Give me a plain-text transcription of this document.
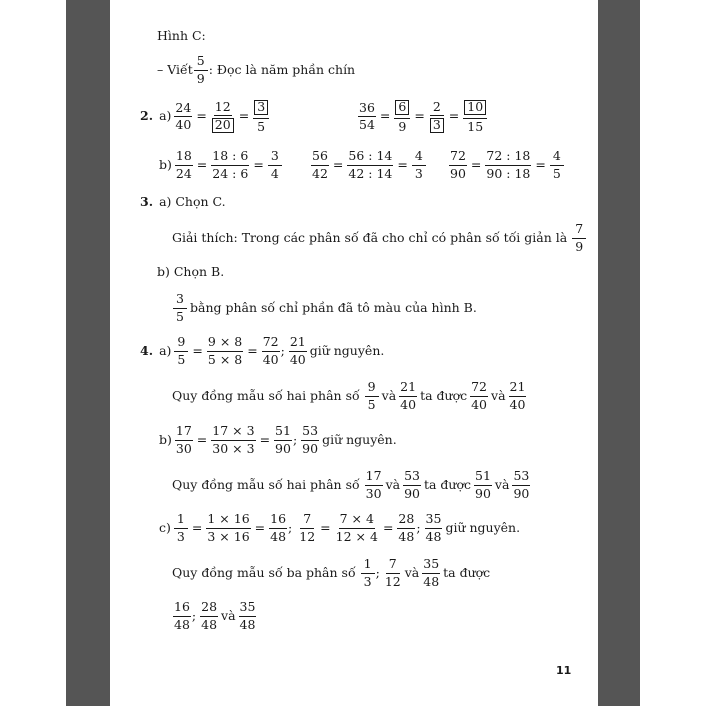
Hình C:
– Viết $\frac{5}{9}$ : Đọc là năm phần chín
2. $a) \frac{24}{40} = \frac{12}{20} = \frac{3}{5}$	$\frac{36}{54} = \frac{6}{9} = \frac{2}{3} = \frac{10}{15}$
$b) \frac{18}{24} = \frac{18 : 6}{24 : 6} = \frac{3}{4} \frac{56}{42} = \frac{56 : 14}{42 : 14} = \frac{4}{3} \frac{72}{90} = \frac{72 : 18}{90 : 18} = \frac{4}{5}$
3. a) Chọn C.
Giải thích: Trong các phân số đã cho chỉ có phân số tối giản là $\frac{7}{9}$
b) Chọn B.
$\frac{3}{5}$ bằng phân số chỉ phần đã tô màu của hình B.
4. $a) \frac{9}{5} = \frac{9 \times 8}{5 \times 8} = \frac{72}{40}$ ; $\frac{21}{40}$ giữ nguyên.
Quy đồng mẫu số hai phân số $\frac{9}{5}$ và $\frac{21}{40}$ ta được $\frac{72}{40}$ và $\frac{21}{40}$
$b) \frac{17}{30} = \frac{17 \times 3}{30 \times 3} = \frac{51}{90}$ ; $\frac{53}{90}$ giữ nguyên.
Quy đồng mẫu số hai phân số $\frac{17}{30}$ và $\frac{53}{90}$ ta được $\frac{51}{90}$ và $\frac{53}{90}$
$c) \frac{1}{3} = \frac{1 \times 16}{3 \times 16} = \frac{16}{48}$ ; $\frac{7}{12} = \frac{7 \times 4}{12 \times 4} = \frac{28}{48}$ ; $\frac{35}{48}$ giữ nguyên.
Quy đồng mẫu số ba phân số $\frac{1}{3}$ ; $\frac{7}{12}$ và $\frac{35}{48}$ ta được
$\frac{16}{48}$ ; $\frac{28}{48}$ và $\frac{35}{48}$
11
